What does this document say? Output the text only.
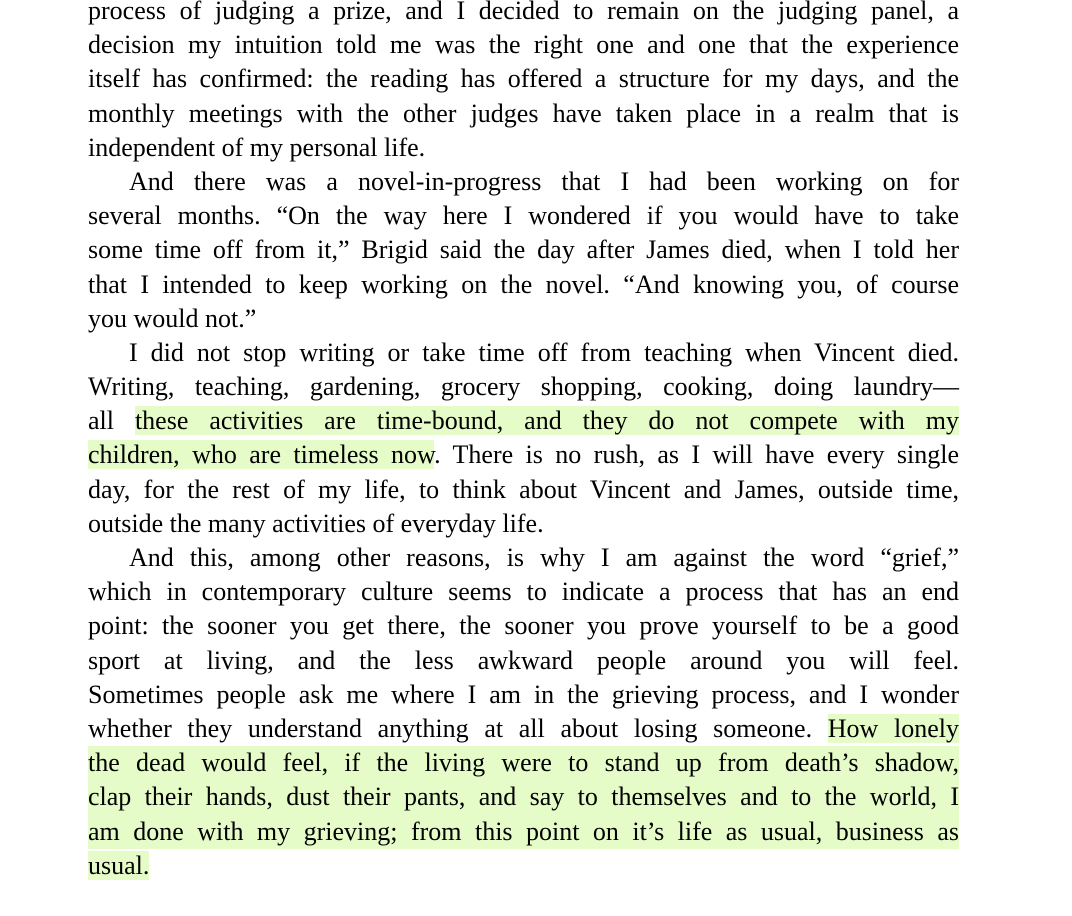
process of judging a prize, and I decided to remain on the judging panel, a
decision my intuition told me was the right one and one that the experience
itself has confirmed: the reading has offered a structure for my days, and the
monthly meetings with the other judges have taken place in a realm that is
independent of my personal life.
And there was a novel-in-progress that I had been working on for
several months. “On the way here I wondered if you would have to take
some time off from it,” Brigid said the day after James died, when I told her
that I intended to keep working on the novel. “And knowing you, of course
you would not.”
I did not stop writing or take time off from teaching when Vincent died.
Writing, teaching, gardening, grocery shopping, cooking, doing laundry—
all these activities are time-bound, and they do not compete with my
children, who are timeless now. There is no rush, as I will have every single
day, for the rest of my life, to think about Vincent and James, outside time,
outside the many activities of everyday life.
And this, among other reasons, is why I am against the word “grief,”
which in contemporary culture seems to indicate a process that has an end
point: the sooner you get there, the sooner you prove yourself to be a good
sport at living, and the less awkward people around you will feel.
Sometimes people ask me where I am in the grieving process, and I wonder
whether they understand anything at all about losing someone. How lonely
the dead would feel, if the living were to stand up from death’s shadow,
clap their hands, dust their pants, and say to themselves and to the world, I
am done with my grieving; from this point on it’s life as usual, business as
usual.
